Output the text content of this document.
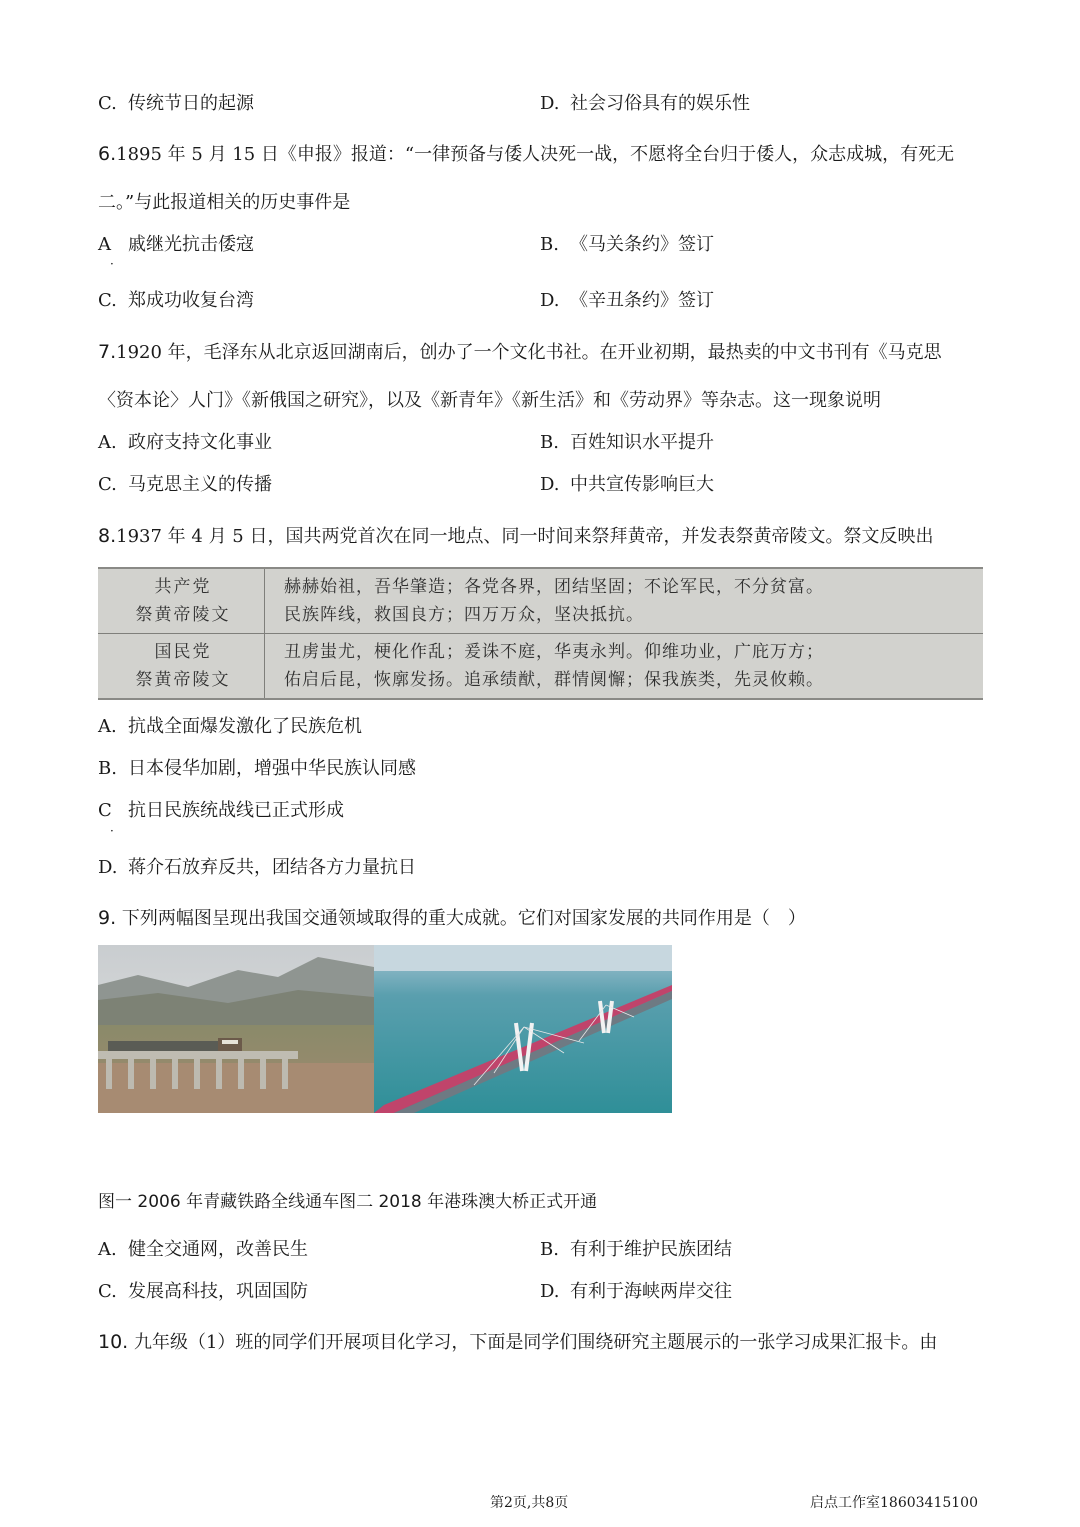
C. 传统节日的起源	D. 社会习俗具有的娱乐性
6.1895 年 5 月 15 日《申报》报道：“一律预备与倭人决死一战，不愿将全台归于倭人，众志成城，有死无
二。”与此报道相关的历史事件是
A 戚继光抗击倭寇
·
B. 《马关条约》签订
C. 郑成功收复台湾	D. 《辛丑条约》签订
7.1920 年，毛泽东从北京返回湖南后，创办了一个文化书社。在开业初期，最热卖的中文书刊有《马克思
〈资本论〉人门》《新俄国之研究》，以及《新青年》《新生活》和《劳动界》等杂志。这一现象说明
A. 政府支持文化事业	B. 百姓知识水平提升
C. 马克思主义的传播	D. 中共宣传影响巨大
8.1937 年 4 月 5 日，国共两党首次在同一地点、同一时间来祭拜黄帝，并发表祭黄帝陵文。祭文反映出
共产党
祭黄帝陵文
赫赫始祖，吾华肇造；各党各界，团结坚固；不论军民，不分贫富。
民族阵线，救国良方；四万万众，坚决抵抗。
国民党
祭黄帝陵文
丑虏蚩尤，梗化作乱；爰诛不庭，华夷永判。仰维功业，广庇万方；
佑启后昆，恢廓发扬。追承绩猷，群情阒懈；保我族类，先灵攸赖。
A. 抗战全面爆发激化了民族危机
B. 日本侵华加剧，增强中华民族认同感
C 抗日民族统战线已正式形成
·
D. 蒋介石放弃反共，团结各方力量抗日
9. 下列两幅图呈现出我国交通领域取得的重大成就。它们对国家发展的共同作用是（　）
图一 2006 年青藏铁路全线通车图二 2018 年港珠澳大桥正式开通
A. 健全交通网，改善民生	B. 有利于维护民族团结
C. 发展高科技，巩固国防	D. 有利于海峡两岸交往
10. 九年级（1）班的同学们开展项目化学习，下面是同学们围绕研究主题展示的一张学习成果汇报卡。由
第2页,共8页	启点工作室18603415100
